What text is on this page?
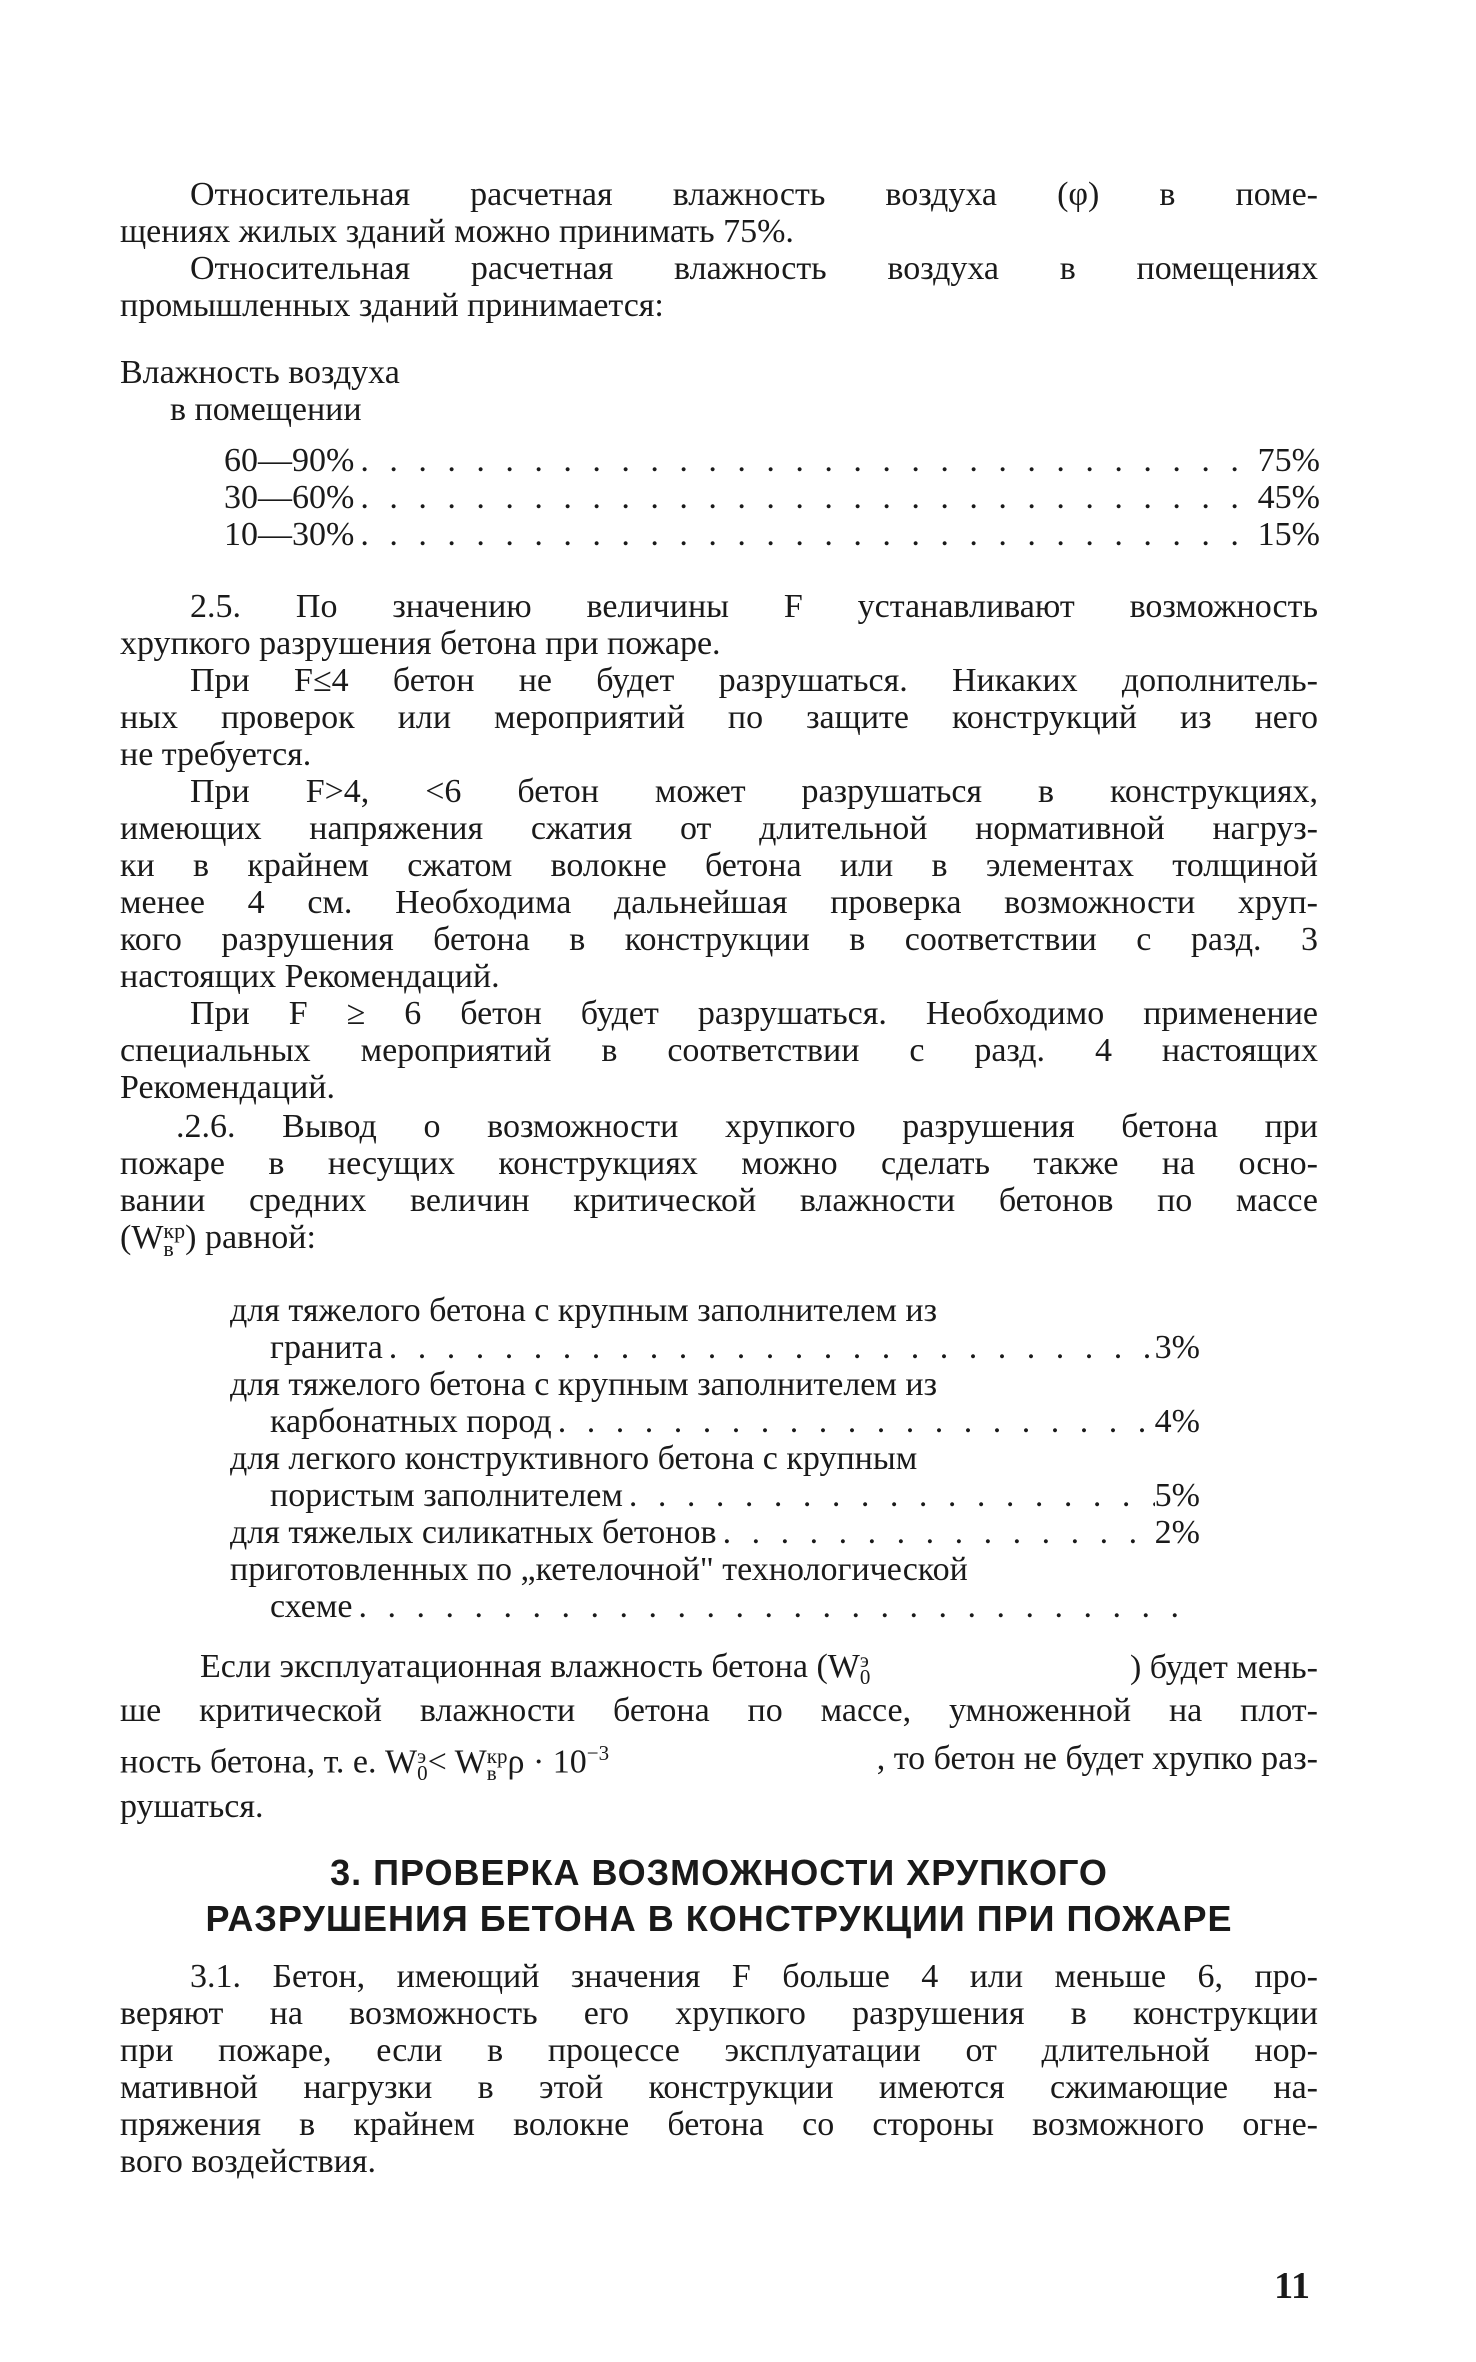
Относительная расчетная влажность воздуха (φ) в поме-
щениях жилых зданий можно принимать 75%.
Относительная расчетная влажность воздуха в помещениях
промышленных зданий принимается:
Влажность воздуха
в помещении
60—90% . . .	75%
30—60% . . .	45%
10—30% . . .	15%
2.5. По значению величины F устанавливают возможность
хрупкого разрушения бетона при пожаре.
При F≤4 бетон не будет разрушаться. Никаких дополнитель-
ных проверок или мероприятий по защите конструкций из него
не требуется.
При F>4, <6 бетон может разрушаться в конструкциях,
имеющих напряжения сжатия от длительной нормативной нагруз-
ки в крайнем сжатом волокне бетона или в элементах толщиной
менее 4 см. Необходима дальнейшая проверка возможности хруп-
кого разрушения бетона в конструкции в соответствии с разд. 3
настоящих Рекомендаций.
При F ≥ 6 бетон будет разрушаться. Необходимо применение
специальных мероприятий в соответствии с разд. 4 настоящих
Рекомендаций.
.2.6. Вывод о возможности хрупкого разрушения бетона при
пожаре в несущих конструкциях можно сделать также на осно-
вании средних величин критической влажности бетонов по массе
(W кр
в ) равной:
для тяжелого бетона с крупным заполнителем из
гранита . . .	3%
для тяжелого бетона с крупным заполнителем из
карбонатных пород . . .	4%
для легкого конструктивного бетона с крупным
пористым заполнителем . . .	5%
для тяжелых силикатных бетонов . . .	2%
приготовленных по „кетелочной" технологической
схеме
. . .
Если эксплуатационная влажность бетона (W э
0	) будет мень-
ше критической влажности бетона по массе, умноженной на плот-
ность бетона, т. е. W э
0 < W кр
в $\rho \cdot 10^{-3}$	, то бетон не будет хрупко раз-
рушаться.
3. ПРОВЕРКА ВОЗМОЖНОСТИ ХРУПКОГО
РАЗРУШЕНИЯ БЕТОНА В КОНСТРУКЦИИ ПРИ ПОЖАРЕ
3.1. Бетон, имеющий значения F больше 4 или меньше 6, про-
веряют на возможность его хрупкого разрушения в конструкции
при пожаре, если в процессе эксплуатации от длительной нор-
мативной нагрузки в этой конструкции имеются сжимающие на-
пряжения в крайнем волокне бетона со стороны возможного огне-
вого воздействия.
11
